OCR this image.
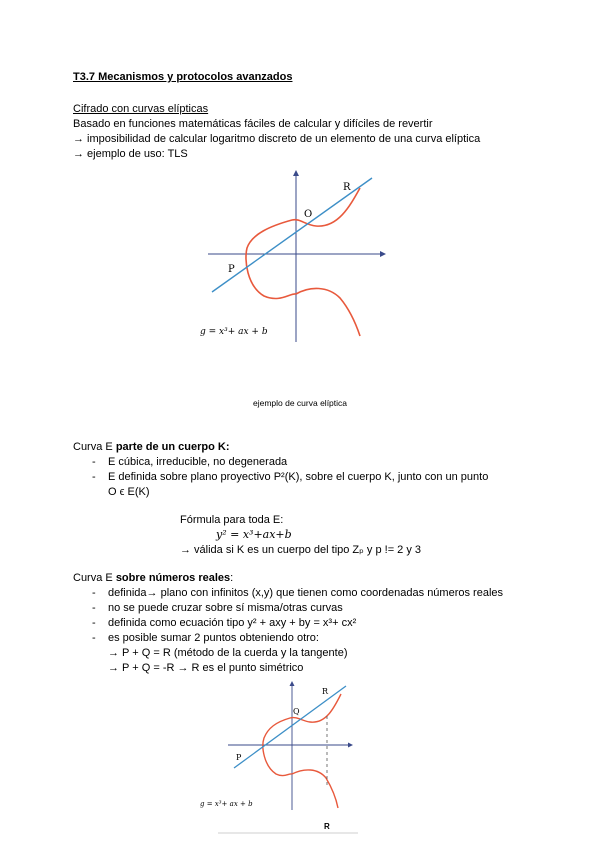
T3.7 Mecanismos y protocolos avanzados
Cifrado con curvas elípticas
Basado en funciones matemáticas fáciles de calcular y difíciles de revertir
→ imposibilidad de calcular logaritmo discreto de un elemento de una curva elíptica
→ ejemplo de uso: TLS
P
O
R
g = x³+ ax + b
ejemplo de curva elíptica
Curva E parte de un cuerpo K:
- E cúbica, irreducible, no degenerada
- E definida sobre plano proyectivo P²(K), sobre el cuerpo K, junto con un punto
O ϵ E(K)
Fórmula para toda E:
y² = x³+ax+b
→ válida si K es un cuerpo del tipo Zₚ y p != 2 y 3
Curva E sobre números reales:
- definida→ plano con infinitos (x,y) que tienen como coordenadas números reales
- no se puede cruzar sobre sí misma/otras curvas
- definida como ecuación tipo y² + axy + by = x³+ cx²
- es posible sumar 2 puntos obteniendo otro:
→ P + Q = R (método de la cuerda y la tangente)
→ P + Q = -R → R es el punto simétrico
P
Q
R
g = x³+ ax + b
R
